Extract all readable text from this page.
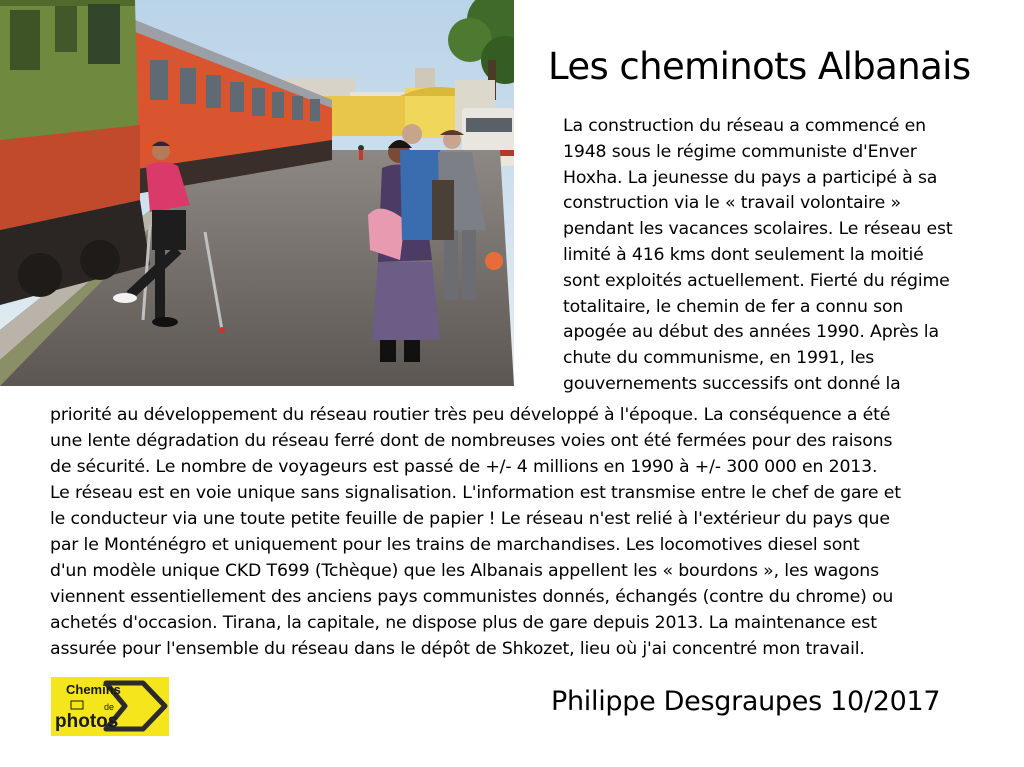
Les cheminots Albanais
La construction du réseau a commencé en
1948 sous le régime communiste d'Enver
Hoxha. La jeunesse du pays a participé à sa
construction via le « travail volontaire »
pendant les vacances scolaires. Le réseau est
limité à 416 kms dont seulement la moitié
sont exploités actuellement. Fierté du régime
totalitaire, le chemin de fer a connu son
apogée au début des années 1990. Après la
chute du communisme, en 1991, les
gouvernements successifs ont donné la
priorité au développement du réseau routier très peu développé à l'époque. La conséquence a été
une lente dégradation du réseau ferré dont de nombreuses voies ont été fermées pour des raisons
de sécurité. Le nombre de voyageurs est passé de +/- 4 millions en 1990 à +/- 300 000 en 2013.
Le réseau est en voie unique sans signalisation. L'information est transmise entre le chef de gare et
le conducteur via une toute petite feuille de papier ! Le réseau n'est relié à l'extérieur du pays que
par le Monténégro et uniquement pour les trains de marchandises. Les locomotives diesel sont
d'un modèle unique CKD T699 (Tchèque) que les Albanais appellent les « bourdons », les wagons
viennent essentiellement des anciens pays communistes donnés, échangés (contre du chrome) ou
achetés d'occasion. Tirana, la capitale, ne dispose plus de gare depuis 2013. La maintenance est
assurée pour l'ensemble du réseau dans le dépôt de Shkozet, lieu où j'ai concentré mon travail.
Chemins
de
photos
Philippe Desgraupes 10/2017
